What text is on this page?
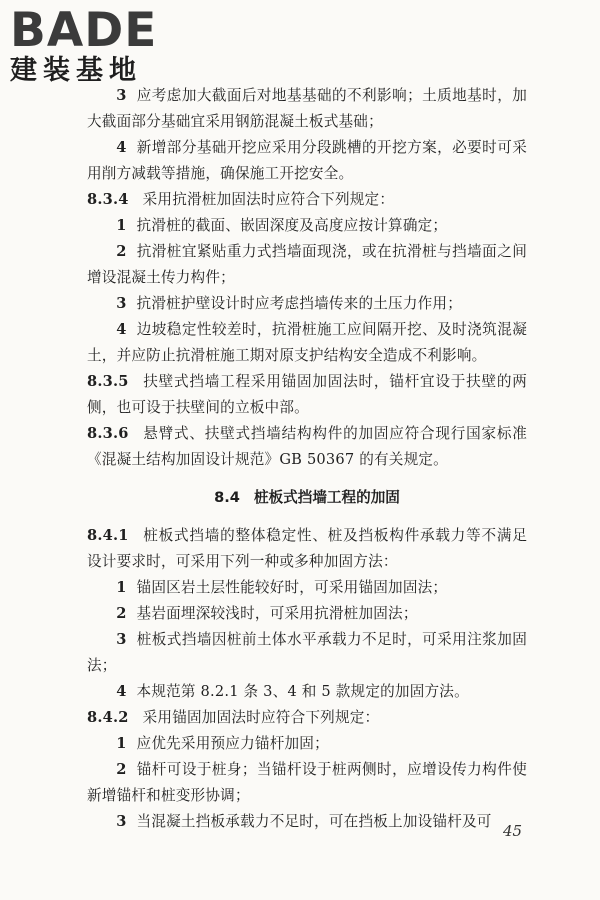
BADE
建装基地

3 应考虑加大截面后对地基基础的不利影响；土质地基时，加大截面部分基础宜采用钢筋混凝土板式基础；

4 新增部分基础开挖应采用分段跳槽的开挖方案，必要时可采用削方减载等措施，确保施工开挖安全。

8.3.4 采用抗滑桩加固法时应符合下列规定：

1 抗滑桩的截面、嵌固深度及高度应按计算确定；

2 抗滑桩宜紧贴重力式挡墙面现浇，或在抗滑桩与挡墙面之间增设混凝土传力构件；

3 抗滑桩护壁设计时应考虑挡墙传来的土压力作用；

4 边坡稳定性较差时，抗滑桩施工应间隔开挖、及时浇筑混凝土，并应防止抗滑桩施工期对原支护结构安全造成不利影响。

8.3.5 扶壁式挡墙工程采用锚固加固法时，锚杆宜设于扶壁的两侧，也可设于扶壁间的立板中部。

8.3.6 悬臂式、扶壁式挡墙结构构件的加固应符合现行国家标准《混凝土结构加固设计规范》GB 50367 的有关规定。

8.4 桩板式挡墙工程的加固

8.4.1 桩板式挡墙的整体稳定性、桩及挡板构件承载力等不满足设计要求时，可采用下列一种或多种加固方法：

1 锚固区岩土层性能较好时，可采用锚固加固法；

2 基岩面埋深较浅时，可采用抗滑桩加固法；

3 桩板式挡墙因桩前土体水平承载力不足时，可采用注浆加固法；

4 本规范第 8.2.1 条 3、4 和 5 款规定的加固方法。

8.4.2 采用锚固加固法时应符合下列规定：

1 应优先采用预应力锚杆加固；

2 锚杆可设于桩身；当锚杆设于桩两侧时，应增设传力构件使新增锚杆和桩变形协调；

3 当混凝土挡板承载力不足时，可在挡板上加设锚杆及可

45
